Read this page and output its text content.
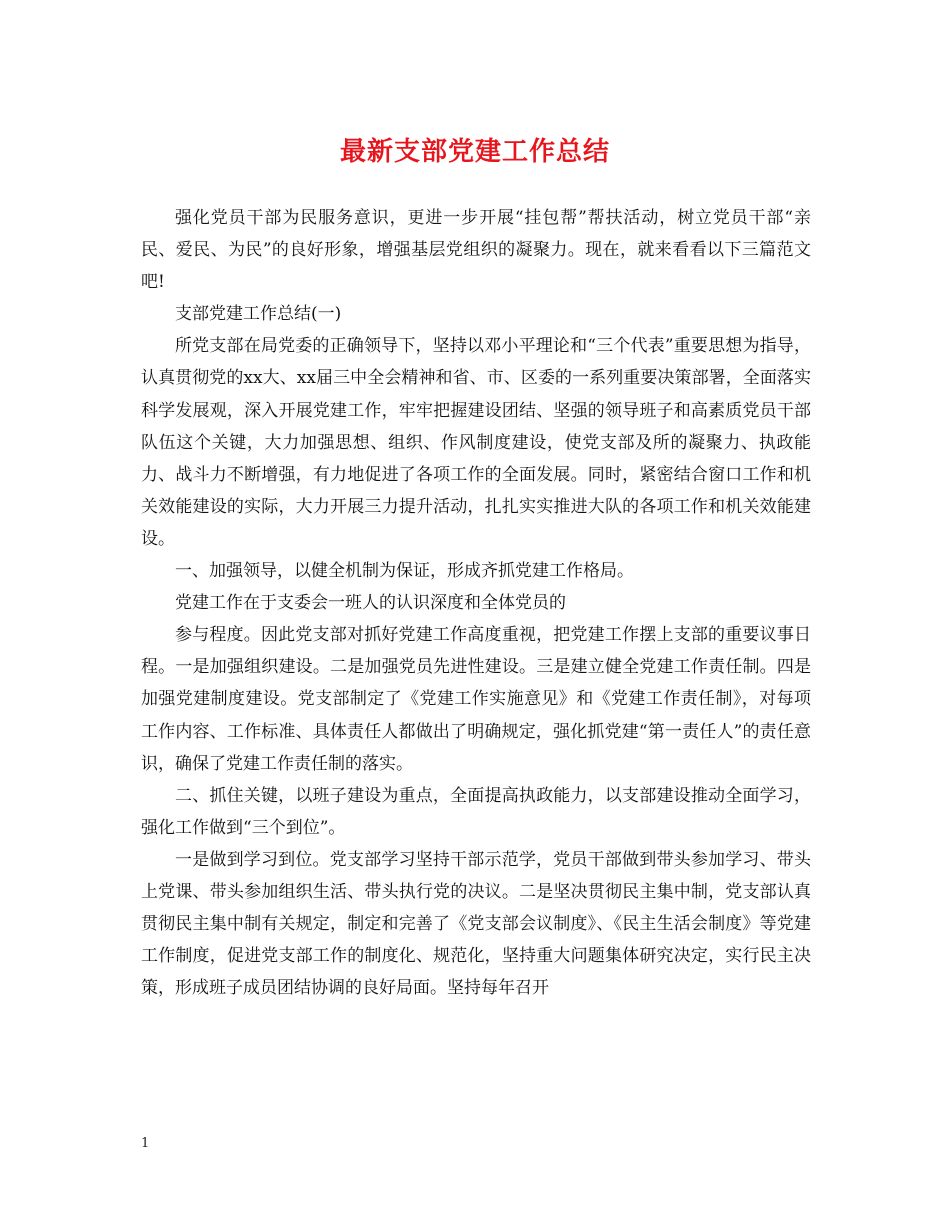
最新支部党建工作总结

强化党员干部为民服务意识，更进一步开展“挂包帮”帮扶活动，树立党员干部“亲民、爱民、为民”的良好形象，增强基层党组织的凝聚力。现在，就来看看以下三篇范文吧!

支部党建工作总结(一)

所党支部在局党委的正确领导下，坚持以邓小平理论和“三个代表”重要思想为指导，认真贯彻党的xx大、xx届三中全会精神和省、市、区委的一系列重要决策部署，全面落实科学发展观，深入开展党建工作，牢牢把握建设团结、坚强的领导班子和高素质党员干部队伍这个关键，大力加强思想、组织、作风制度建设，使党支部及所的凝聚力、执政能力、战斗力不断增强，有力地促进了各项工作的全面发展。同时，紧密结合窗口工作和机关效能建设的实际，大力开展三力提升活动，扎扎实实推进大队的各项工作和机关效能建设。

一、加强领导，以健全机制为保证，形成齐抓党建工作格局。

党建工作在于支委会一班人的认识深度和全体党员的

参与程度。因此党支部对抓好党建工作高度重视，把党建工作摆上支部的重要议事日程。一是加强组织建设。二是加强党员先进性建设。三是建立健全党建工作责任制。四是加强党建制度建设。党支部制定了《党建工作实施意见》和《党建工作责任制》，对每项工作内容、工作标准、具体责任人都做出了明确规定，强化抓党建“第一责任人”的责任意识，确保了党建工作责任制的落实。

二、抓住关键，以班子建设为重点，全面提高执政能力，以支部建设推动全面学习，强化工作做到“三个到位”。

一是做到学习到位。党支部学习坚持干部示范学，党员干部做到带头参加学习、带头上党课、带头参加组织生活、带头执行党的决议。二是坚决贯彻民主集中制，党支部认真贯彻民主集中制有关规定，制定和完善了《党支部会议制度》、《民主生活会制度》等党建工作制度，促进党支部工作的制度化、规范化，坚持重大问题集体研究决定，实行民主决策，形成班子成员团结协调的良好局面。坚持每年召开

1
